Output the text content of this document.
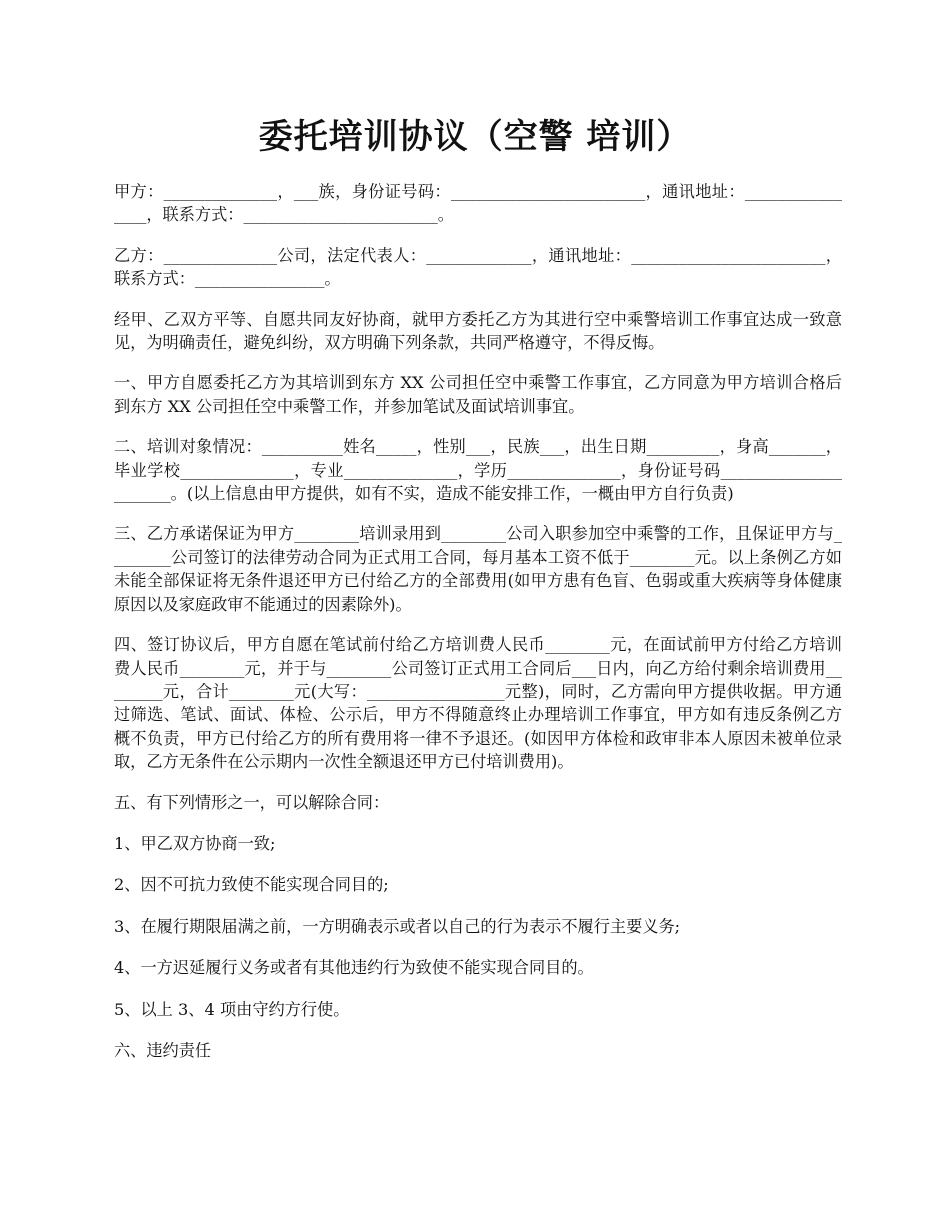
委托培训协议（空警 培训）

甲方：______________，___族，身份证号码：________________________，通讯地址：________________，联系方式：________________________。

乙方：______________公司，法定代表人：_____________，通讯地址：________________________，联系方式：________________。

经甲、乙双方平等、自愿共同友好协商，就甲方委托乙方为其进行空中乘警培训工作事宜达成一致意见，为明确责任，避免纠纷，双方明确下列条款，共同严格遵守，不得反悔。

一、甲方自愿委托乙方为其培训到东方 XX 公司担任空中乘警工作事宜，乙方同意为甲方培训合格后到东方 XX 公司担任空中乘警工作，并参加笔试及面试培训事宜。

二、培训对象情况：__________姓名_____，性别___，民族___，出生日期_________，身高_______，毕业学校______________，专业______________，学历______________，身份证号码______________________。(以上信息由甲方提供，如有不实，造成不能安排工作，一概由甲方自行负责)

三、乙方承诺保证为甲方________培训录用到________公司入职参加空中乘警的工作，且保证甲方与________公司签订的法律劳动合同为正式用工合同，每月基本工资不低于________元。以上条例乙方如未能全部保证将无条件退还甲方已付给乙方的全部费用(如甲方患有色盲、色弱或重大疾病等身体健康原因以及家庭政审不能通过的因素除外)。

四、签订协议后，甲方自愿在笔试前付给乙方培训费人民币________元，在面试前甲方付给乙方培训费人民币________元，并于与________公司签订正式用工合同后___日内，向乙方给付剩余培训费用________元，合计________元(大写：_________________元整)，同时，乙方需向甲方提供收据。甲方通过筛选、笔试、面试、体检、公示后，甲方不得随意终止办理培训工作事宜，甲方如有违反条例乙方概不负责，甲方已付给乙方的所有费用将一律不予退还。(如因甲方体检和政审非本人原因未被单位录取，乙方无条件在公示期内一次性全额退还甲方已付培训费用)。

五、有下列情形之一，可以解除合同：

1、甲乙双方协商一致;

2、因不可抗力致使不能实现合同目的;

3、在履行期限届满之前，一方明确表示或者以自己的行为表示不履行主要义务;

4、一方迟延履行义务或者有其他违约行为致使不能实现合同目的。

5、以上 3、4 项由守约方行使。

六、违约责任
